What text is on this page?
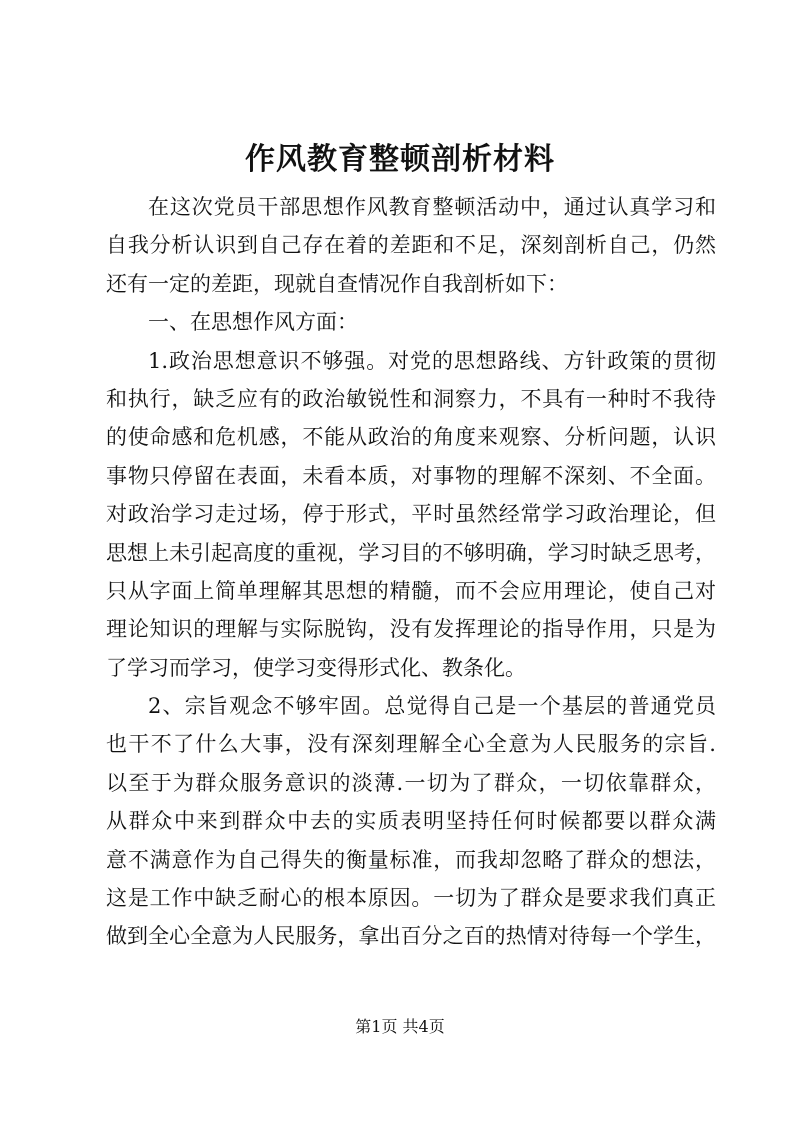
作风教育整顿剖析材料
在这次党员干部思想作风教育整顿活动中，通过认真学习和
自我分析认识到自己存在着的差距和不足，深刻剖析自己，仍然
还有一定的差距，现就自查情况作自我剖析如下：
一、在思想作风方面：
1.政治思想意识不够强。对党的思想路线、方针政策的贯彻
和执行，缺乏应有的政治敏锐性和洞察力，不具有一种时不我待
的使命感和危机感，不能从政治的角度来观察、分析问题，认识
事物只停留在表面，未看本质，对事物的理解不深刻、不全面。
对政治学习走过场，停于形式，平时虽然经常学习政治理论，但
思想上未引起高度的重视，学习目的不够明确，学习时缺乏思考，
只从字面上简单理解其思想的精髓，而不会应用理论，使自己对
理论知识的理解与实际脱钩，没有发挥理论的指导作用，只是为
了学习而学习，使学习变得形式化、教条化。
2、宗旨观念不够牢固。总觉得自己是一个基层的普通党员
也干不了什么大事，没有深刻理解全心全意为人民服务的宗旨.
以至于为群众服务意识的淡薄.一切为了群众，一切依靠群众，
从群众中来到群众中去的实质表明坚持任何时候都要以群众满
意不满意作为自己得失的衡量标准，而我却忽略了群众的想法，
这是工作中缺乏耐心的根本原因。一切为了群众是要求我们真正
做到全心全意为人民服务，拿出百分之百的热情对待每一个学生，
第1页 共4页
